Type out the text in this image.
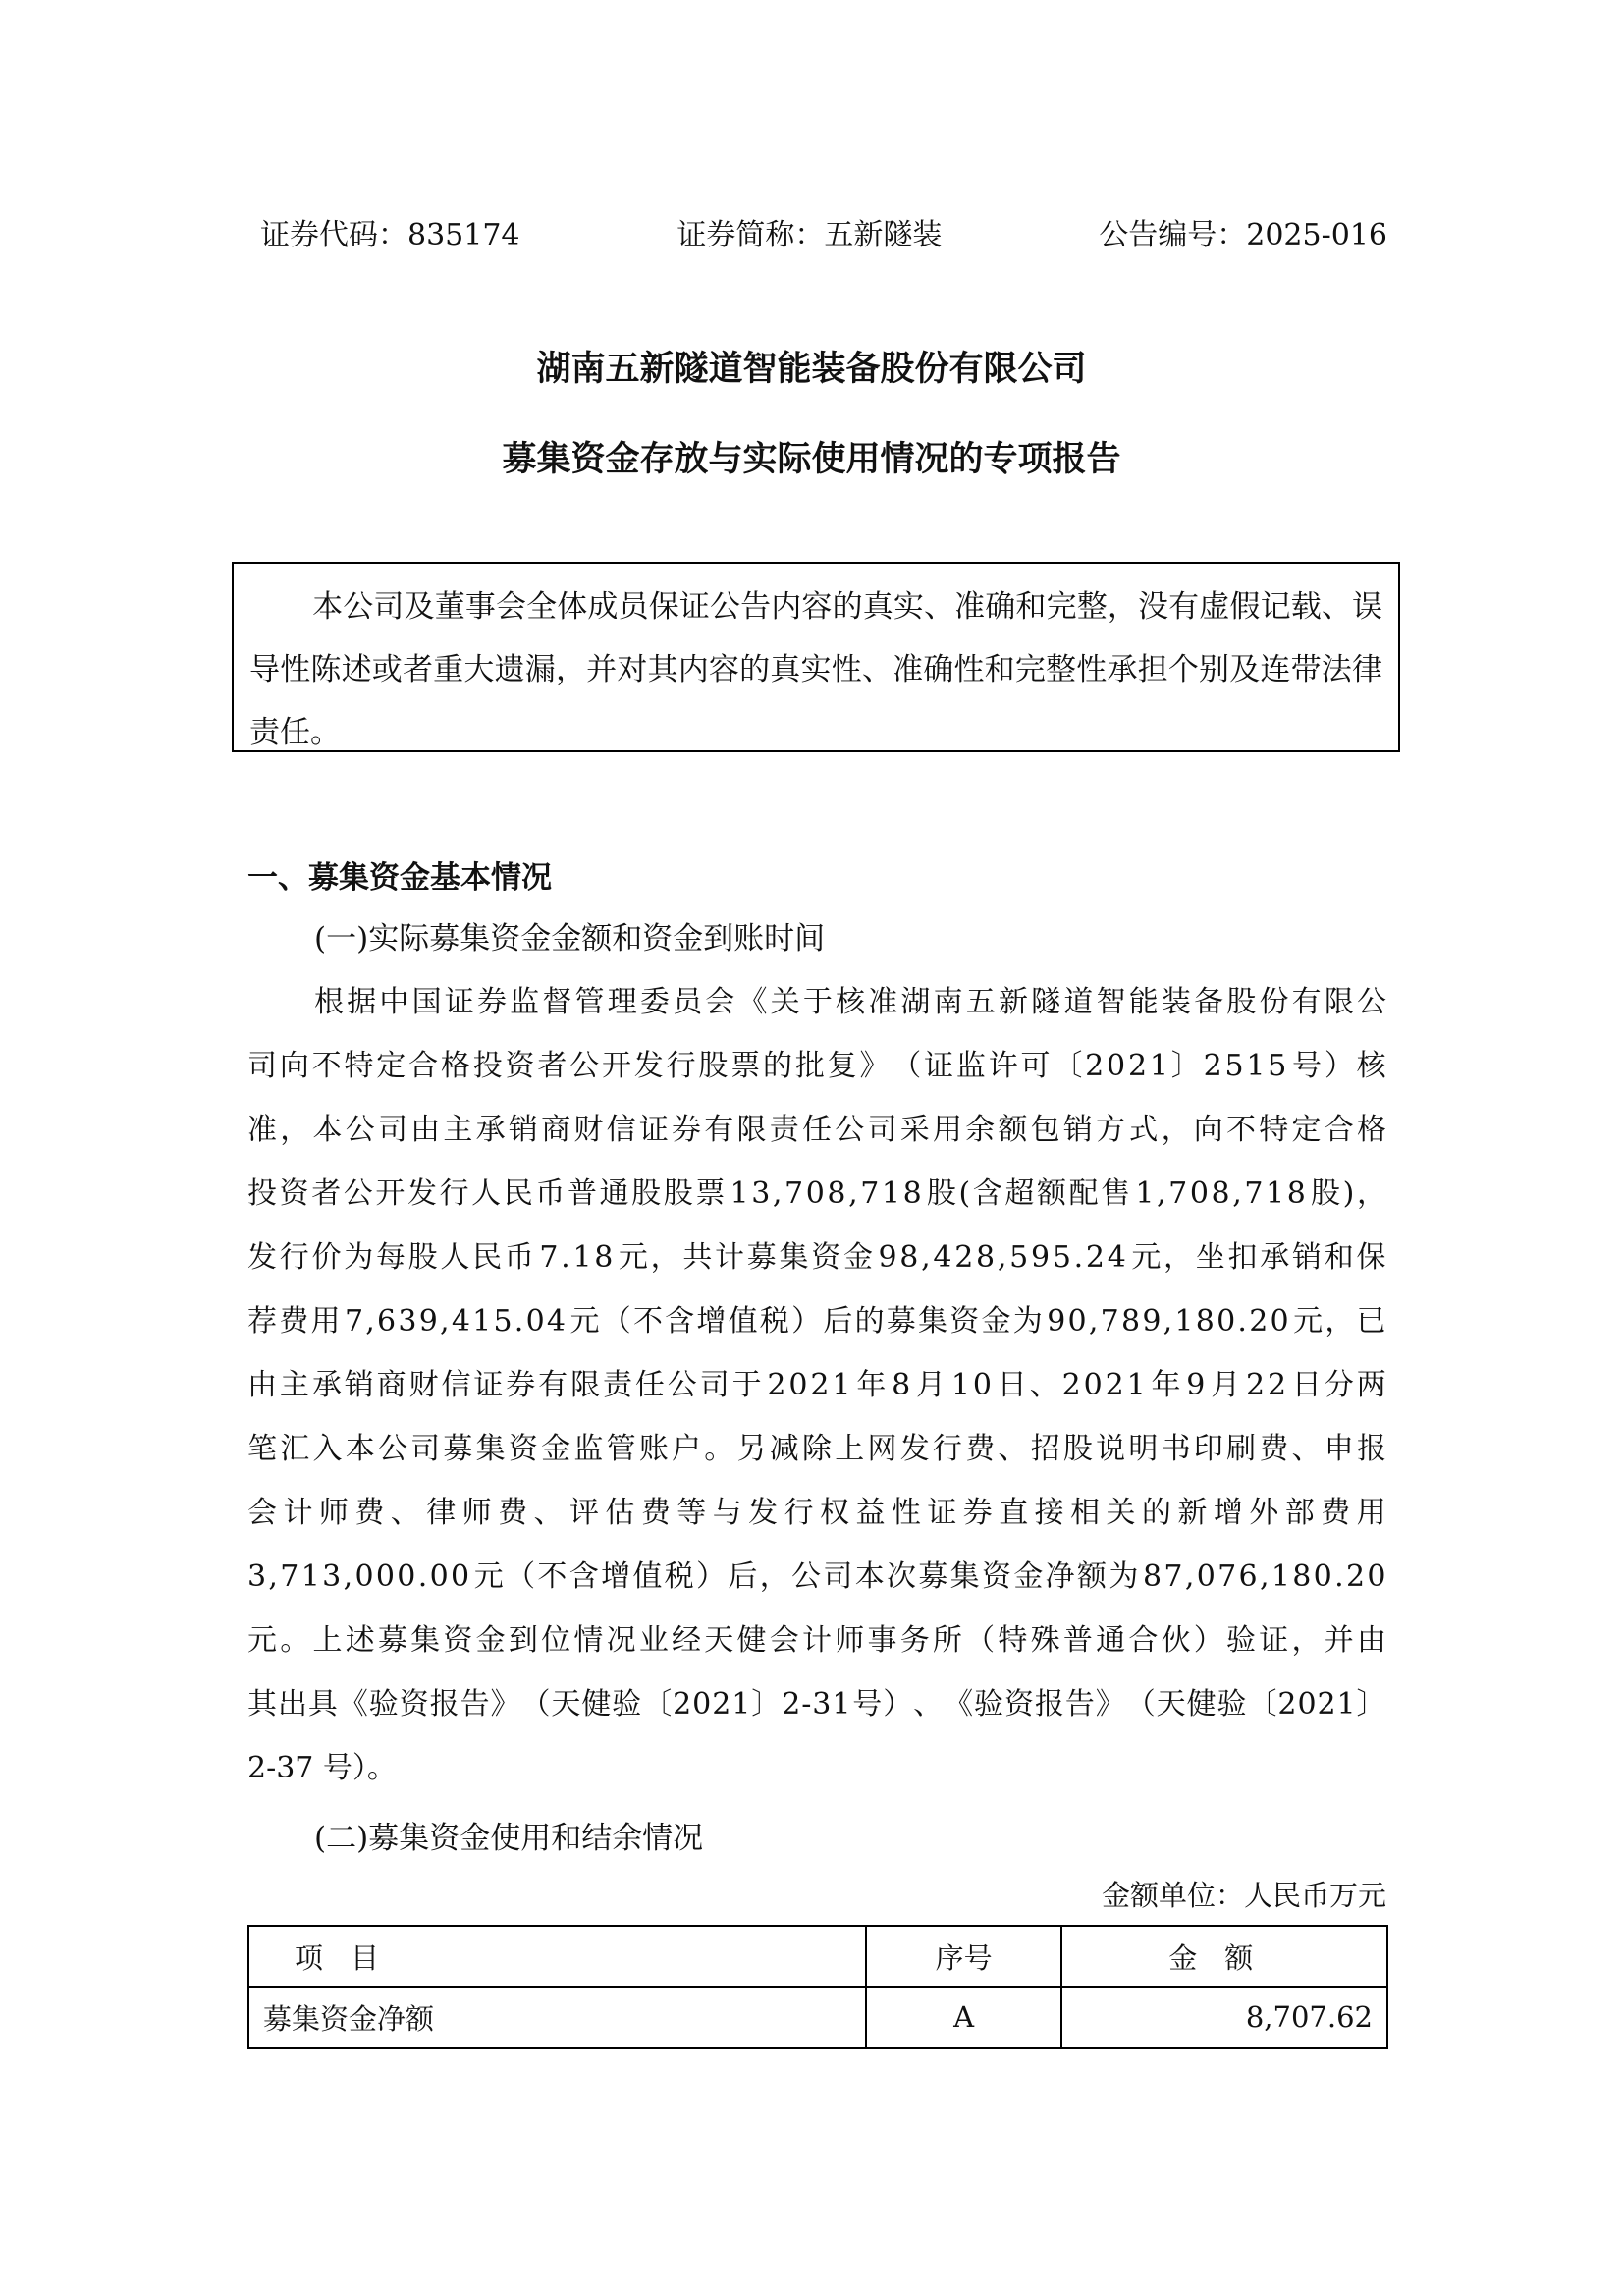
证券代码：835174	证券简称：五新隧装	公告编号：2025-016
湖南五新隧道智能装备股份有限公司
募集资金存放与实际使用情况的专项报告
本公司及董事会全体成员保证公告内容的真实、准确和完整，没有虚假记载、误导性陈述或者重大遗漏，并对其内容的真实性、准确性和完整性承担个别及连带法律责任。
一、募集资金基本情况
(一)实际募集资金金额和资金到账时间
根 据 中 国 证 券 监 督 管 理 委 员 会 《 关 于 核 准 湖 南 五 新 隧 道 智 能 装 备 股 份 有 限 公
司 向 不 特 定 合 格 投 资 者 公 开 发 行 股 票 的 批 复 》 （ 证 监 许 可 〔 2 0 2 1 〕 2 5 1 5 号 ） 核
准 ， 本 公 司 由 主 承 销 商 财 信 证 券 有 限 责 任 公 司 采 用 余 额 包 销 方 式 ， 向 不 特 定 合 格
投 资 者 公 开 发 行 人 民 币 普 通 股 股 票 1 3 , 7 0 8 , 7 1 8 股 ( 含 超 额 配 售 1 , 7 0 8 , 7 1 8 股 ) ，
发 行 价 为 每 股 人 民 币 7 . 1 8 元 ， 共 计 募 集 资 金 9 8 , 4 2 8 , 5 9 5 . 2 4 元 ， 坐 扣 承 销 和 保
荐 费 用 7 , 6 3 9 , 4 1 5 . 0 4 元 （ 不 含 增 值 税 ） 后 的 募 集 资 金 为 9 0 , 7 8 9 , 1 8 0 . 2 0 元 ， 已
由 主 承 销 商 财 信 证 券 有 限 责 任 公 司 于 2 0 2 1 年 8 月 1 0 日 、 2 0 2 1 年 9 月 2 2 日 分 两
笔 汇 入 本 公 司 募 集 资 金 监 管 账 户 。 另 减 除 上 网 发 行 费 、 招 股 说 明 书 印 刷 费 、 申 报
会 计 师 费 、 律 师 费 、 评 估 费 等 与 发 行 权 益 性 证 券 直 接 相 关 的 新 增 外 部 费 用
3 , 7 1 3 , 0 0 0 . 0 0 元 （ 不 含 增 值 税 ） 后 ， 公 司 本 次 募 集 资 金 净 额 为 8 7 , 0 7 6 , 1 8 0 . 2 0
元 。 上 述 募 集 资 金 到 位 情 况 业 经 天 健 会 计 师 事 务 所 （ 特 殊 普 通 合 伙 ） 验 证 ， 并 由
其 出 具 《 验 资 报 告 》 （ 天 健 验 〔 2 0 2 1 〕 2 - 3 1 号 ） 、 《 验 资 报 告 》 （ 天 健 验 〔 2 0 2 1 〕
2-37 号）。
(二)募集资金使用和结余情况
金额单位：人民币万元
项目	序号	金额
募集资金净额	A	8,707.62
